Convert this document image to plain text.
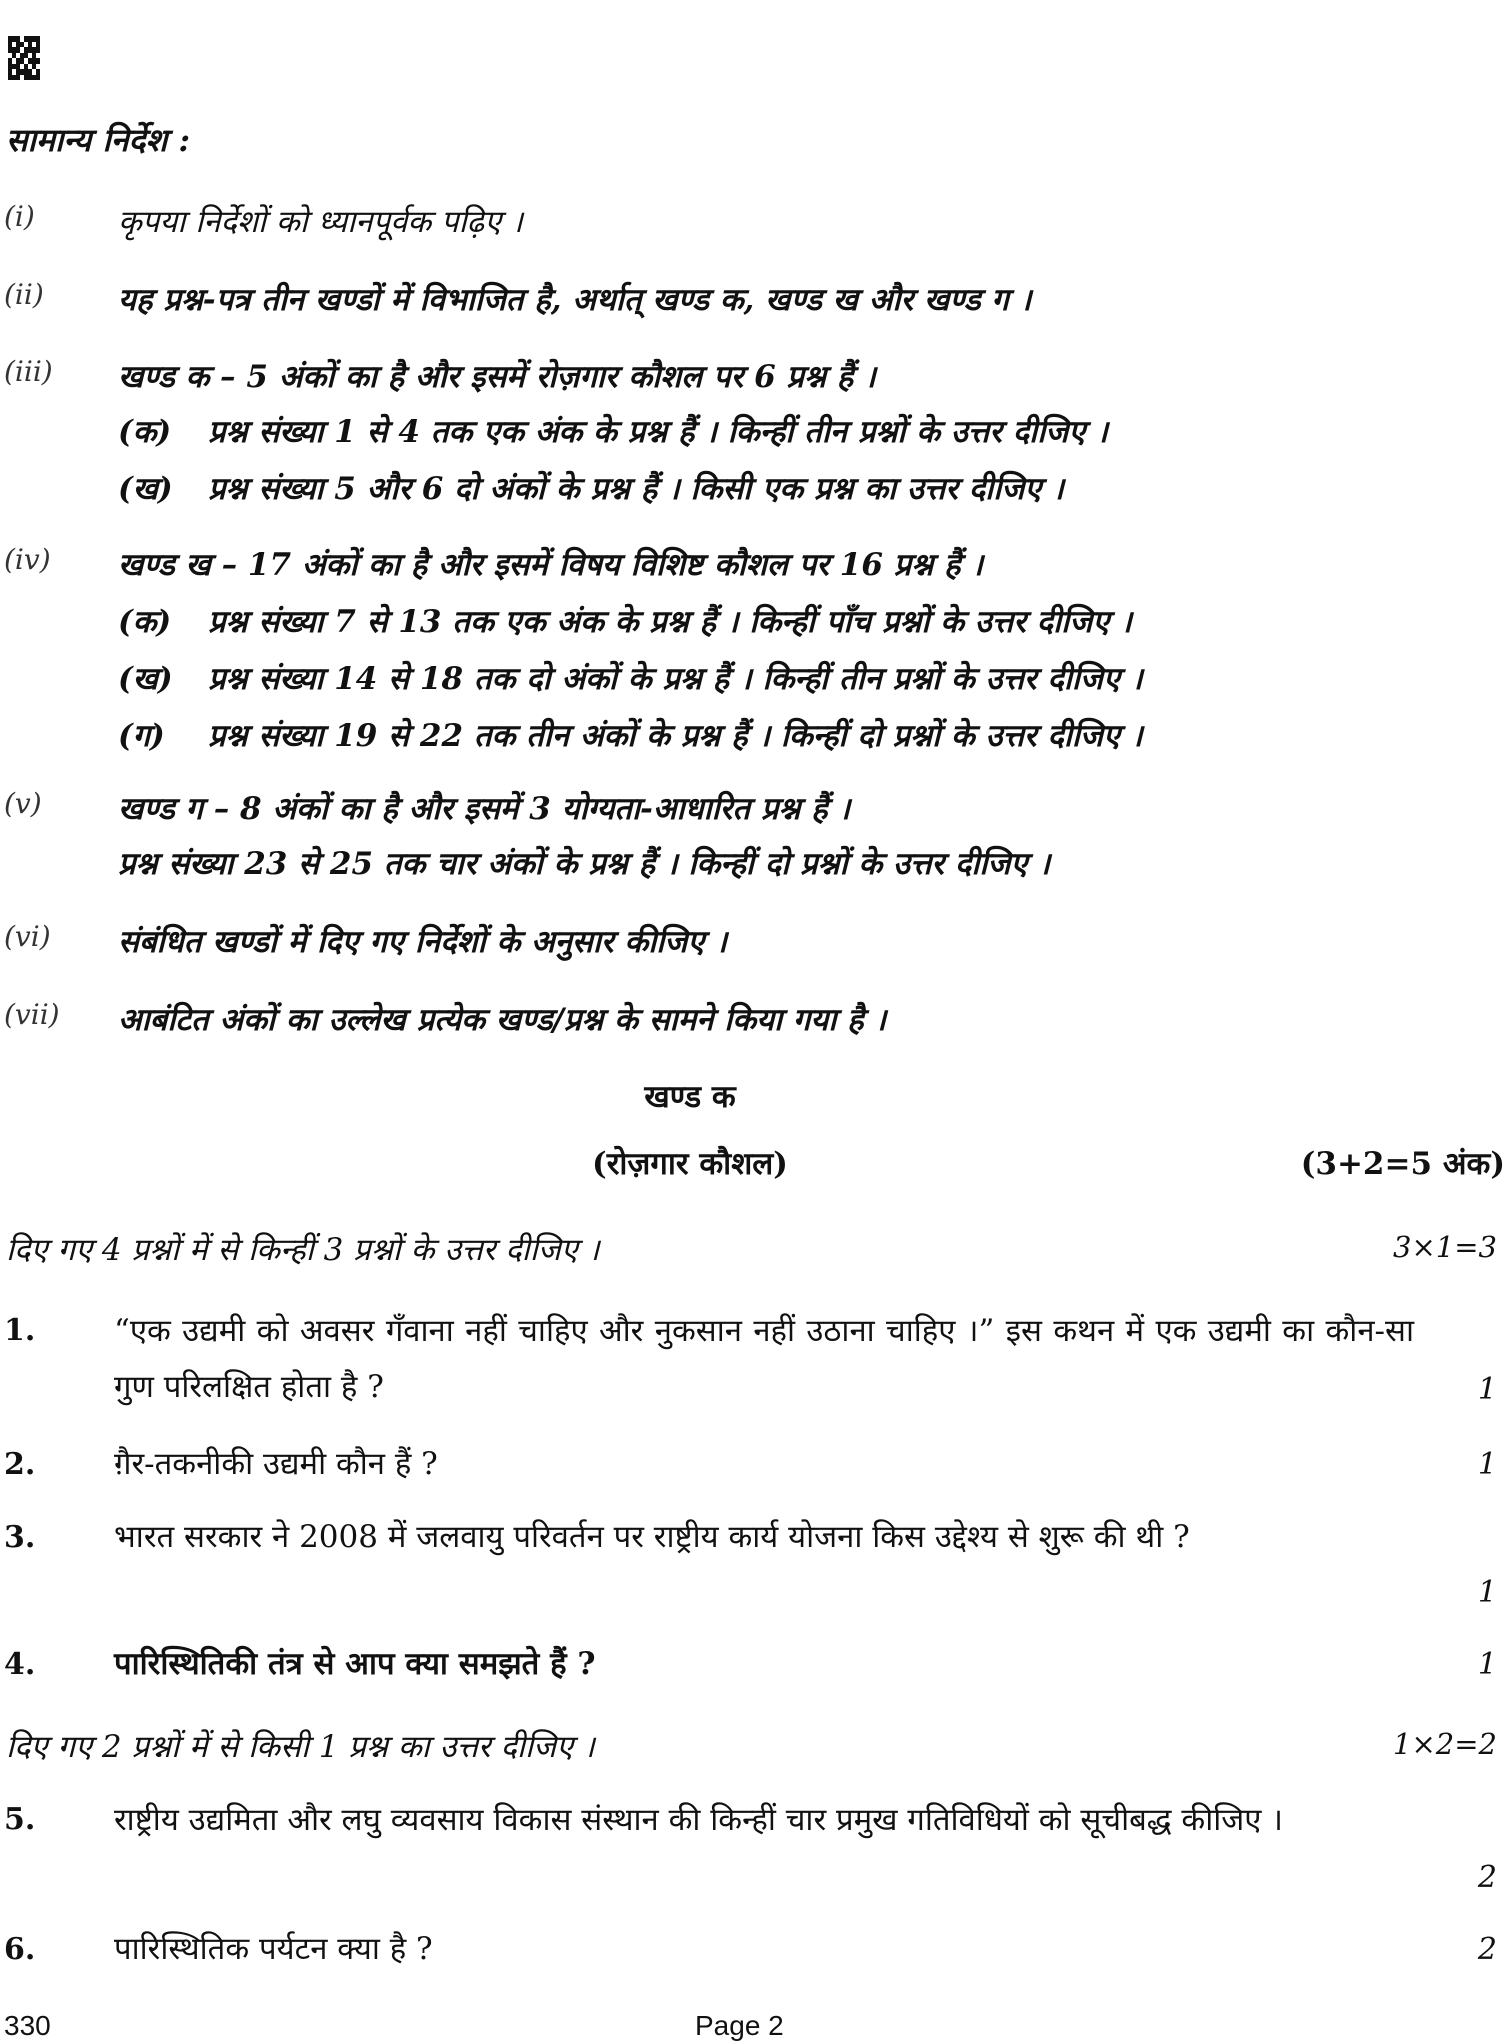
सामान्य निर्देश :
(i)	कृपया निर्देशों को ध्यानपूर्वक पढ़िए ।
(ii) यह प्रश्न-पत्र तीन खण्डों में विभाजित है, अर्थात् खण्ड क, खण्ड ख और खण्ड ग ।
(iii) खण्ड क – 5 अंकों का है और इसमें रोज़गार कौशल पर 6 प्रश्न हैं ।
(क) प्रश्न संख्या 1 से 4 तक एक अंक के प्रश्न हैं । किन्हीं तीन प्रश्नों के उत्तर दीजिए ।
(ख) प्रश्न संख्या 5 और 6 दो अंकों के प्रश्न हैं । किसी एक प्रश्न का उत्तर दीजिए ।
(iv) खण्ड ख – 17 अंकों का है और इसमें विषय विशिष्ट कौशल पर 16 प्रश्न हैं ।
(क) प्रश्न संख्या 7 से 13 तक एक अंक के प्रश्न हैं । किन्हीं पाँच प्रश्नों के उत्तर दीजिए ।
(ख) प्रश्न संख्या 14 से 18 तक दो अंकों के प्रश्न हैं । किन्हीं तीन प्रश्नों के उत्तर दीजिए ।
(ग) प्रश्न संख्या 19 से 22 तक तीन अंकों के प्रश्न हैं । किन्हीं दो प्रश्नों के उत्तर दीजिए ।
(v) खण्ड ग – 8 अंकों का है और इसमें 3 योग्यता-आधारित प्रश्न हैं ।
प्रश्न संख्या 23 से 25 तक चार अंकों के प्रश्न हैं । किन्हीं दो प्रश्नों के उत्तर दीजिए ।
(vi) संबंधित खण्डों में दिए गए निर्देशों के अनुसार कीजिए ।
(vii) आबंटित अंकों का उल्लेख प्रत्येक खण्ड/प्रश्न के सामने किया गया है ।
खण्ड क
(रोज़गार कौशल)	(3+2=5 अंक)
दिए गए 4 प्रश्नों में से किन्हीं 3 प्रश्नों के उत्तर दीजिए ।	3×1=3
1.	“एक उद्यमी को अवसर गँवाना नहीं चाहिए और नुकसान नहीं उठाना चाहिए ।” इस कथन में एक उद्यमी का कौन-सा गुण परिलक्षित होता है ?	1
2.	ग़ैर-तकनीकी उद्यमी कौन हैं ?	1
3.	भारत सरकार ने 2008 में जलवायु परिवर्तन पर राष्ट्रीय कार्य योजना किस उद्देश्य से शुरू की थी ?
1
4.	पारिस्थितिकी तंत्र से आप क्या समझते हैं ?	1
दिए गए 2 प्रश्नों में से किसी 1 प्रश्न का उत्तर दीजिए ।	1×2=2
5.	राष्ट्रीय उद्यमिता और लघु व्यवसाय विकास संस्थान की किन्हीं चार प्रमुख गतिविधियों को सूचीबद्ध कीजिए ।
2
6.	पारिस्थितिक पर्यटन क्या है ?	2
330	Page 2
